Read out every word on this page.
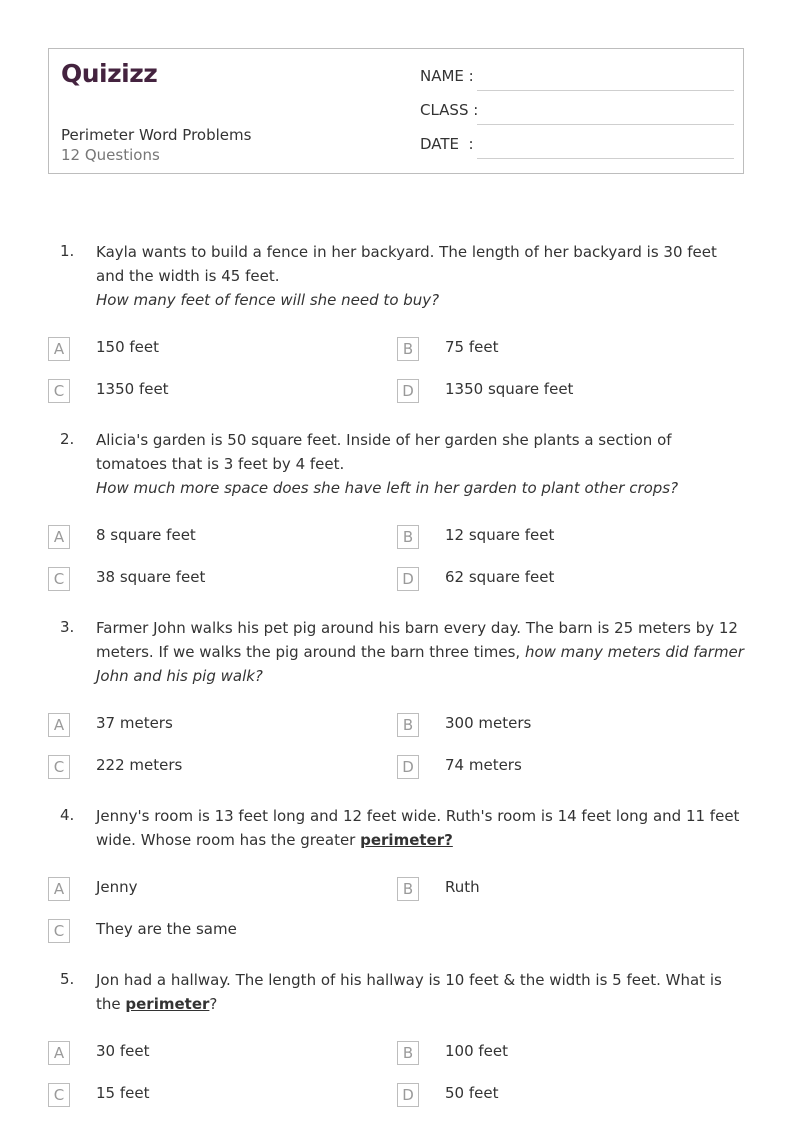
Quizizz
Perimeter Word Problems
12 Questions
NAME :
CLASS :
DATE  :
1. Kayla wants to build a fence in her backyard. The length of her backyard is 30 feet and the width is 45 feet.
How many feet of fence will she need to buy?
A	150 feet	B	75 feet
C	1350 feet	D	1350 square feet
2. Alicia's garden is 50 square feet. Inside of her garden she plants a section of tomatoes that is 3 feet by 4 feet.
How much more space does she have left in her garden to plant other crops?
A	8 square feet	B	12 square feet
C	38 square feet	D	62 square feet
3. Farmer John walks his pet pig around his barn every day. The barn is 25 meters by 12 meters. If we walks the pig around the barn three times, how many meters did farmer John and his pig walk?
A	37 meters	B	300 meters
C	222 meters	D	74 meters
4. Jenny's room is 13 feet long and 12 feet wide. Ruth's room is 14 feet long and 11 feet wide. Whose room has the greater perimeter?
A	Jenny	B	Ruth
C	They are the same
5. Jon had a hallway. The length of his hallway is 10 feet & the width is 5 feet. What is the perimeter?
A	30 feet	B	100 feet
C	15 feet	D	50 feet
